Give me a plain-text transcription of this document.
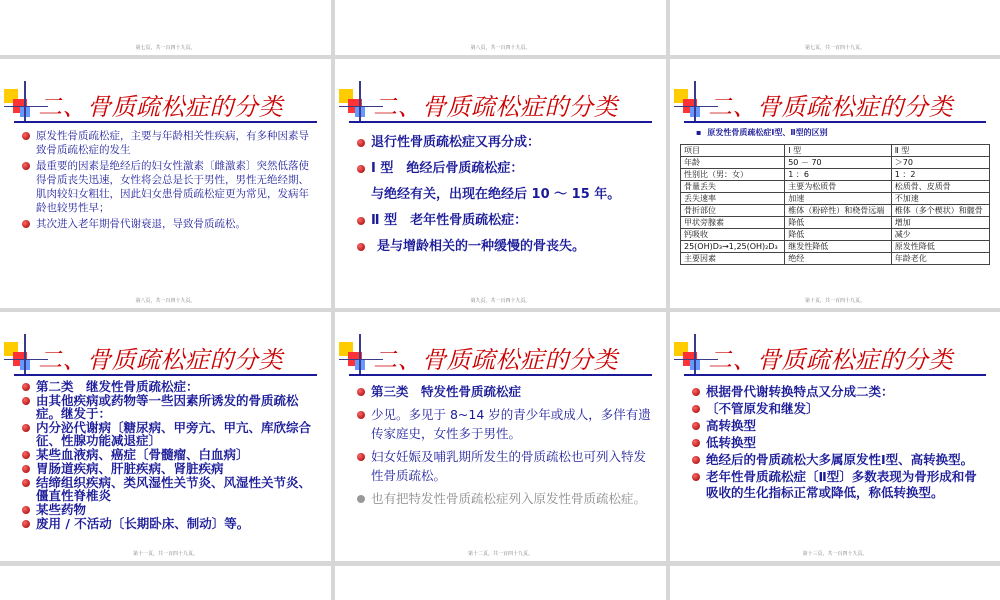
第七页，共一百四十九页。	第八页，共一百四十九页。	第七页，共一百四十九页。
二、骨质疏松症的分类
原发性骨质疏松症，主要与年龄相关性疾病，有多种因素导致骨质疏松症的发生
最重要的因素是绝经后的妇女性激素〔雌激素〕突然低落使得骨质丧失迅速，女性将会总是长于男性，男性无绝经期、肌肉较妇女粗壮，因此妇女患骨质疏松症更为常见，发病年龄也较男性早；
其次进入老年期骨代谢衰退，导致骨质疏松。
第八页，共一百四十九页。
二、骨质疏松症的分类
退行性骨质疏松症又再分成：
Ⅰ 型　绝经后骨质疏松症：
与绝经有关，出现在绝经后 10 ～ 15 年。
Ⅱ 型　老年性骨质疏松症：
是与增龄相关的一种缓慢的骨丧失。
第九页，共一百四十九页。
二、骨质疏松症的分类
▪ 原发性骨质疏松症Ⅰ型、Ⅱ型的区别
项目	Ⅰ 型	Ⅱ 型
年龄	50 － 70	＞70
性别比（男：女）	1 ：6	1 ：2
骨量丢失	主要为松质骨	松质骨、皮质骨
丢失速率	加速	不加速
骨折部位	椎体（粉碎性）和桡骨远端	椎体（多个楔状）和髋骨
甲状旁腺素	降低	增加
钙吸收	降低	减少
25(OH)D₃→1,25(OH)₂D₃	继发性降低	原发性降低
主要因素	绝经	年龄老化
第十页，共一百四十九页。
二、骨质疏松症的分类
第二类　继发性骨质疏松症：
由其他疾病或药物等一些因素所诱发的骨质疏松症。继发于：
内分泌代谢病〔糖尿病、甲旁亢、甲亢、库欣综合征、性腺功能减退症〕
某些血液病、癌症〔骨髓瘤、白血病〕
胃肠道疾病、肝脏疾病、肾脏疾病
结缔组织疾病、类风湿性关节炎、风湿性关节炎、僵直性脊椎炎
某些药物
废用 / 不活动〔长期卧床、制动〕等。
第十一页，共一百四十九页。
二、骨质疏松症的分类
第三类　特发性骨质疏松症
少见。多见于 8~14 岁的青少年或成人，多伴有遗传家庭史，女性多于男性。
妇女妊娠及哺乳期所发生的骨质疏松也可列入特发性骨质疏松。
也有把特发性骨质疏松症列入原发性骨质疏松症。
第十二页，共一百四十九页。
二、骨质疏松症的分类
根据骨代谢转换特点又分成二类：
〔不管原发和继发〕
高转换型
低转换型
绝经后的骨质疏松大多属原发性Ⅰ型、高转换型。
老年性骨质疏松症〔Ⅱ型〕多数表现为骨形成和骨吸收的生化指标正常或降低，称低转换型。
第十三页，共一百四十九页。
